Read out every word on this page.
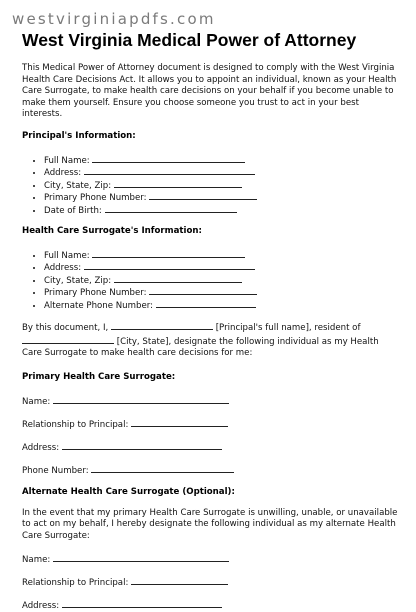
westvirginiapdfs.com
West Virginia Medical Power of Attorney

This Medical Power of Attorney document is designed to comply with the West Virginia Health Care Decisions Act. It allows you to appoint an individual, known as your Health Care Surrogate, to make health care decisions on your behalf if you become unable to make them yourself. Ensure you choose someone you trust to act in your best interests.

Principal's Information:
• Full Name:
• Address:
• City, State, Zip:
• Primary Phone Number:
• Date of Birth:
Health Care Surrogate's Information:
• Full Name:
• Address:
• City, State, Zip:
• Primary Phone Number:
• Alternate Phone Number:

By this document, I,	[Principal's full name], resident of  [City, State], designate the following individual as my Health Care Surrogate to make health care decisions for me:

Primary Health Care Surrogate:
Name:
Relationship to Principal:
Address:
Phone Number:
Alternate Health Care Surrogate (Optional):

In the event that my primary Health Care Surrogate is unwilling, unable, or unavailable to act on my behalf, I hereby designate the following individual as my alternate Health Care Surrogate:

Name:
Relationship to Principal:
Address:
